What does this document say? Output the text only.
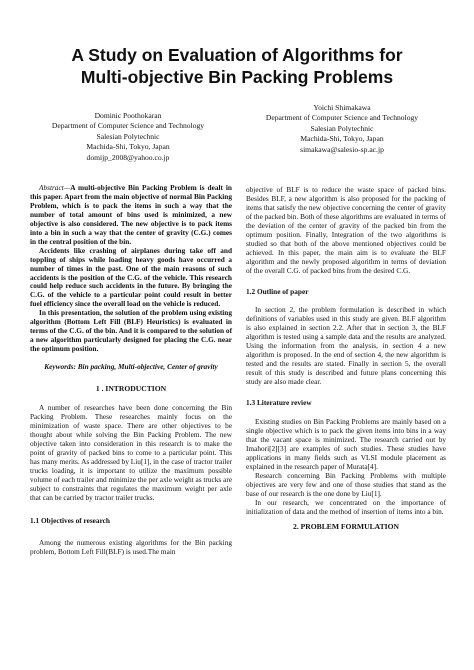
A Study on Evaluation of Algorithms for
Multi-objective Bin Packing Problems
Dominic Poothokaran
Department of Computer Science and Technology
Salesian Polytechnic
Machida-Shi, Tokyo, Japan
domijp_2008@yahoo.co.jp
Yoichi Shimakawa
Department of Computer Science and Technology
Salesian Polytechnic
Machida-Shi, Tokyo, Japan
simakawa@salesio-sp.ac.jp

Abstract—A multi-objective Bin Packing Problem is dealt in this paper. Apart from the main objective of normal Bin Packing Problem, which is to pack the items in such a way that the number of total amount of bins used is minimized, a new objective is also considered. The new objective is to pack items into a bin in such a way that the center of gravity (C.G.) comes in the central position of the bin.

Accidents like crashing of airplanes during take off and toppling of ships while loading heavy goods have occurred a number of times in the past. One of the main reasons of such accidents is the position of the C.G. of the vehicle. This research could help reduce such accidents in the future. By bringing the C.G. of the vehicle to a particular point could result in better fuel efficiency since the overall load on the vehicle is reduced.

In this presentation, the solution of the problem using existing algorithm (Bottom Left Fill (BLF) Heuristics) is evaluated in terms of the C.G. of the bin. And it is compared to the solution of a new algorithm particularly designed for placing the C.G. near the optimum position.

Keywords: Bin packing, Multi-objective, Center of gravity

1 . INTRODUCTION

A number of researches have been done concerning the Bin Packing Problem. These researches mainly focus on the minimization of waste space. There are other objectives to be thought about while solving the Bin Packing Problem. The new objective taken into consideration in this research is to make the point of gravity of packed bins to come to a particular point. This has many merits. As addressed by Liu[1], in the case of tractor trailer trucks loading, it is important to utilize the maximum possible volume of each trailer and minimize the per axle weight as trucks are subject to constraints that regulates the maximum weight per axle that can be carried by tractor trailer trucks.

1.1 Objectives of research

Among the numerous existing algorithms for the Bin packing problem, Bottom Left Fill(BLF) is used.The main

objective of BLF is to reduce the waste space of packed bins. Besides BLF, a new algorithm is also proposed for the packing of items that satisfy the new objective concerning the center of gravity of the packed bin. Both of these algorithms are evaluated in terms of the deviation of the center of gravity of the packed bin from the optimum position. Finally, Integration of the two algorithms is studied so that both of the above mentioned objectives could be achieved. In this paper, the main aim is to evaluate the BLF algorithm and the newly proposed algorithm in terms of deviation of the overall C.G. of packed bins from the desired C.G.

1.2 Outline of paper

In section 2, the problem formulation is described in which definitions of variables used in this study are given. BLF algorithm is also explained in section 2.2. After that in section 3, the BLF algorithm is tested using a sample data and the results are analyzed. Using the information from the analysis, in section 4 a new algorithm is proposed. In the end of section 4, the new algorithm is tested and the results are stated. Finally in section 5, the overall result of this study is described and future plans concerning this study are also made clear.

1.3 Literature review

Existing studies on Bin Packing Problems are mainly based on a single objective which is to pack the given items into bins in a way that the vacant space is minimized. The research carried out by Imahori[2][3] are examples of such studies. These studies have applications in many fields such as VLSI module placement as explained in the research paper of Murata[4].

Research concerning Bin Packing Problems with multiple objectives are very few and one of those studies that stand as the base of our research is the one done by Liu[1].

In our research, we concentrated on the importance of initialization of data and the method of insertion of items into a bin.

2. PROBLEM FORMULATION
